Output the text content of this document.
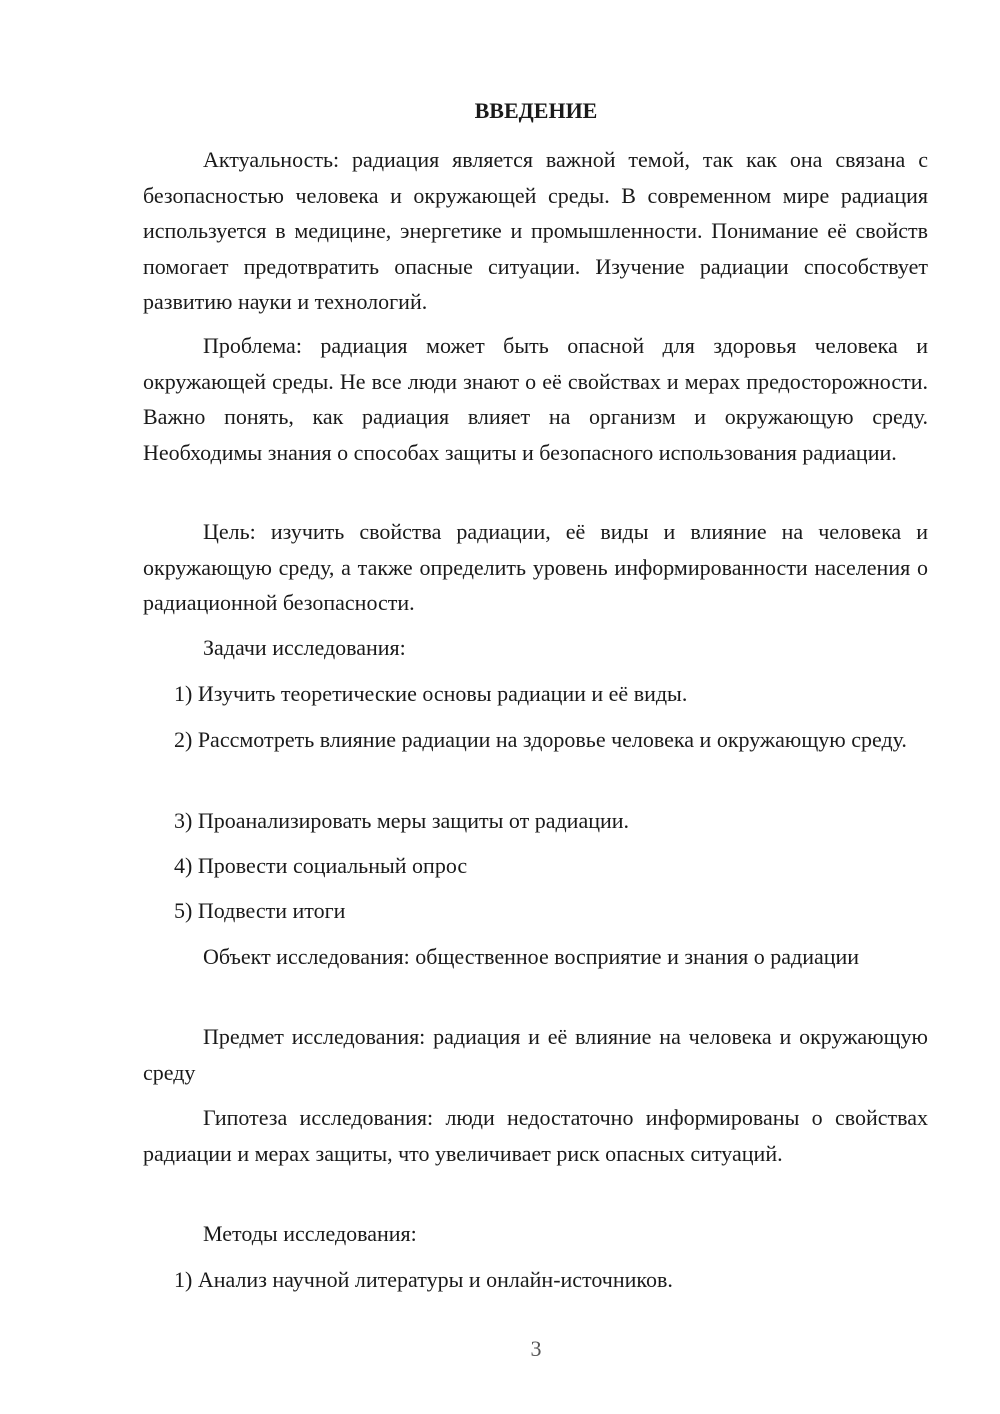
ВВЕДЕНИЕ

Актуальность: радиация является важной темой, так как она связана с безопасностью человека и окружающей среды. В современном мире радиация используется в медицине, энергетике и промышленности. Понимание её свойств помогает предотвратить опасные ситуации. Изучение радиации способствует развитию науки и технологий.

Проблема: радиация может быть опасной для здоровья человека и окружающей среды. Не все люди знают о её свойствах и мерах предосторожности. Важно понять, как радиация влияет на организм и окружающую среду. Необходимы знания о способах защиты и безопасного использования радиации.

Цель: изучить свойства радиации, её виды и влияние на человека и окружающую среду, а также определить уровень информированности населения о радиационной безопасности.

Задачи исследования:

1) Изучить теоретические основы радиации и её виды.

2) Рассмотреть влияние радиации на здоровье человека и окружающую среду.

3) Проанализировать меры защиты от радиации.

4) Провести социальный опрос

5) Подвести итоги

Объект исследования: общественное восприятие и знания о радиации

Предмет исследования: радиация и её влияние на человека и окружающую среду

Гипотеза исследования: люди недостаточно информированы о свойствах радиации и мерах защиты, что увеличивает риск опасных ситуаций.

Методы исследования:

1) Анализ научной литературы и онлайн-источников.

3
